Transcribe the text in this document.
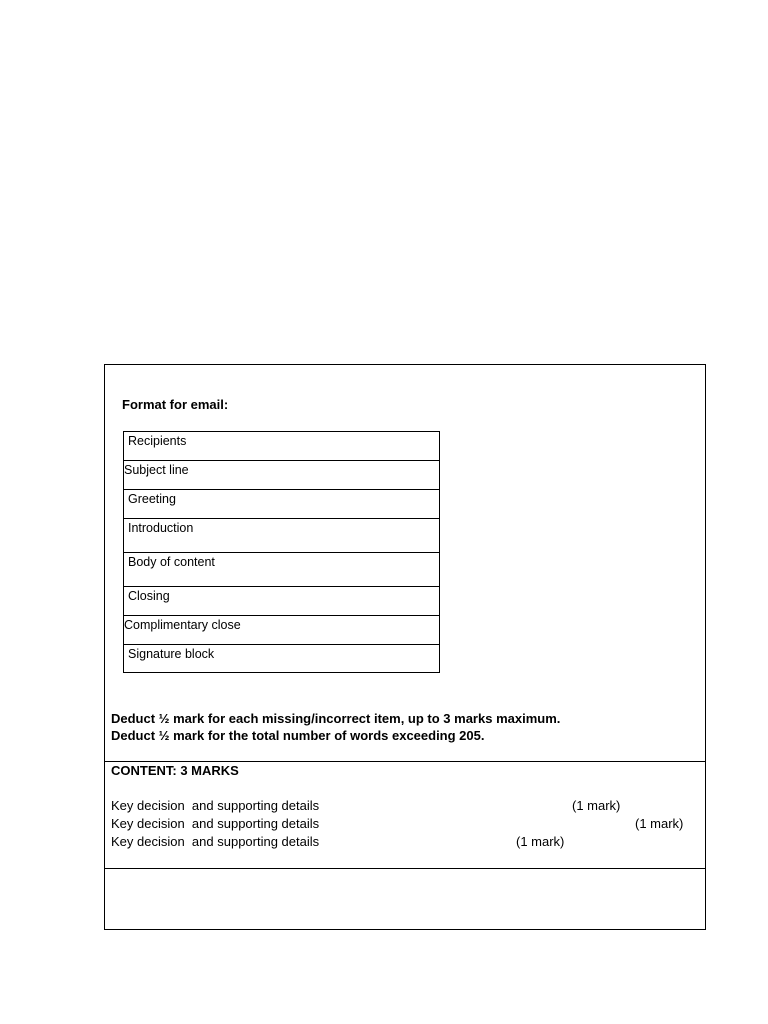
Format for email:
Recipients
Subject line
Greeting
Introduction
Body of content
Closing
Complimentary close
Signature block
Deduct ½ mark for each missing/incorrect item, up to 3 marks maximum.
Deduct ½ mark for the total number of words exceeding 205.
CONTENT: 3 MARKS
Key decision  and supporting details	(1 mark)
Key decision  and supporting details	(1 mark)
Key decision  and supporting details	(1 mark)
